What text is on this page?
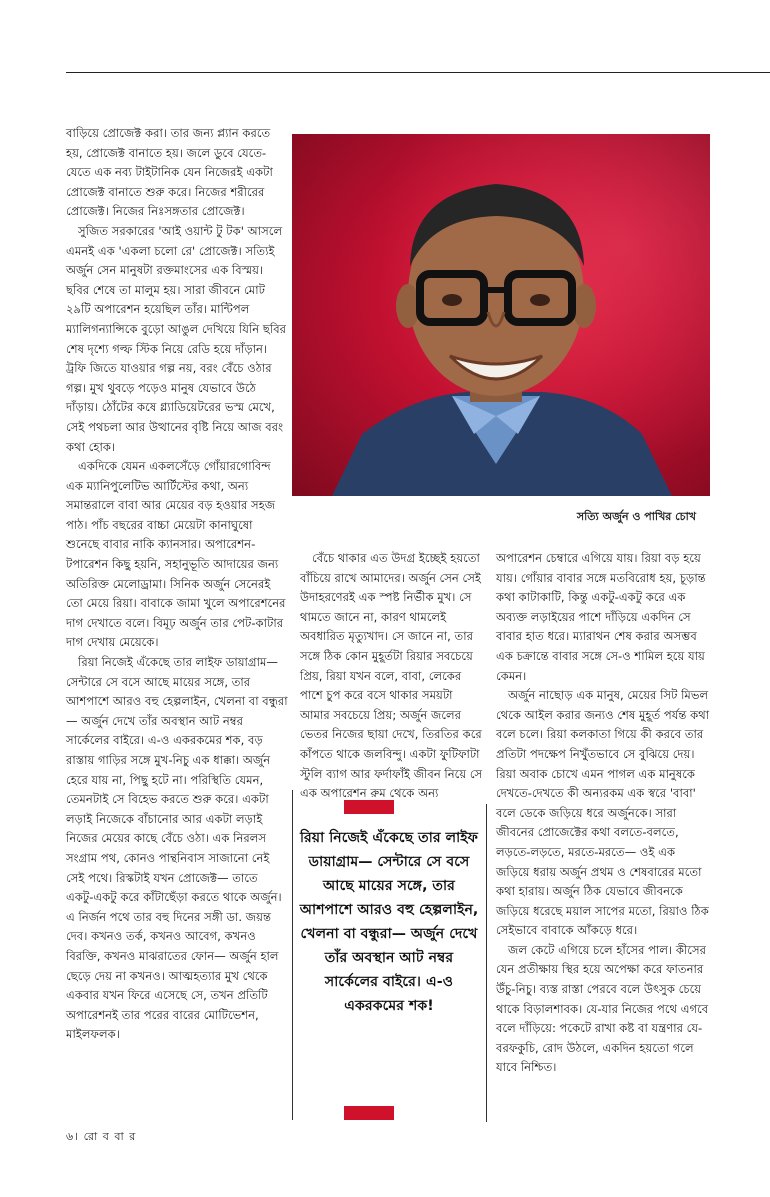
বাড়িয়ে প্রোজেক্ট করা। তার জন্য প্ল্যান করতে হয়, প্রোজেক্ট বানাতে হয়। জলে ডুবে যেতে-যেতে এক নব্য টাইটানিক যেন নিজেরই একটা প্রোজেক্ট বানাতে শুরু করে। নিজের শরীরের প্রোজেক্ট। নিজের নিঃসঙ্গতার প্রোজেক্ট।

সুজিত সরকারের 'আই ওয়ান্ট টু টক' আসলে এমনই এক 'একলা চলো রে' প্রোজেক্ট। সত্যিই অর্জুন সেন মানুষটা রক্তমাংসের এক বিস্ময়। ছবির শেষে তা মালুম হয়। সারা জীবনে মোট ২৯টি অপারেশন হয়েছিল তাঁর। মান্টিপল ম্যালিগন্যান্সিকে বুড়ো আঙুল দেখিয়ে যিনি ছবির শেষ দৃশ্যে গল্ফ স্টিক নিয়ে রেডি হয়ে দাঁড়ান। ট্রফি জিতে যাওয়ার গল্প নয়, বরং বেঁচে ওঠার গল্প। মুখ থুবড়ে পড়েও মানুষ যেভাবে উঠে দাঁড়ায়। ঠোঁটের কষে গ্ল্যাডিয়েটরের ভস্ম মেখে, সেই পথচলা আর উত্থানের বৃষ্টি নিয়ে আজ বরং কথা হোক।

একদিকে যেমন একলসেঁড়ে গোঁয়ারগোবিন্দ এক ম্যানিপুলেটিভ আর্টিস্টের কথা, অন্য সমান্তরালে বাবা আর মেয়ের বড় হওয়ার সহজ পাঠ। পাঁচ বছরের বাচ্চা মেয়েটা কানাঘুষো শুনেছে বাবার নাকি ক্যানসার। অপারেশন-টপারেশন কিছু হয়নি, সহানুভূতি আদায়ের জন্য অতিরিক্ত মেলোড্রামা। সিনিক অর্জুন সেনেরই তো মেয়ে রিয়া। বাবাকে জামা খুলে অপারেশনের দাগ দেখাতে বলে। বিমূঢ় অর্জুন তার পেট-কাটার দাগ দেখায় মেয়েকে।

রিয়া নিজেই এঁকেছে তার লাইফ ডায়াগ্রাম— সেন্টারে সে বসে আছে মায়ের সঙ্গে, তার আশপাশে আরও বহু হেল্পলাইন, খেলনা বা বন্ধুরা— অর্জুন দেখে তাঁর অবস্থান আট নম্বর সার্কেলের বাইরে। এ-ও একরকমের শক, বড় রাস্তায় গাড়ির সঙ্গে মুখ-নিচু এক ধাক্কা। অর্জুন হেরে যায় না, পিছু হটে না। পরিস্থিতি যেমন, তেমনটাই সে বিহেভ করতে শুরু করে। একটা লড়াই নিজেকে বাঁচানোর আর একটা লড়াই নিজের মেয়ের কাছে বেঁচে ওঠা। এক নিরলস সংগ্রাম পথ, কোনও পান্থনিবাস সাজানো নেই সেই পথে। রিস্কটাই যখন প্রোজেক্ট— তাতে একটু-একটু করে কাঁটাছেঁড়া করতে থাকে অর্জুন। এ নির্জন পথে তার বহু দিনের সঙ্গী ডা. জয়ন্ত দেব। কখনও তর্ক, কখনও আবেগ, কখনও বিরক্তি, কখনও মাঝরাতের ফোন— অর্জুন হাল ছেড়ে দেয় না কখনও। আত্মহত্যার মুখ থেকে একবার যখন ফিরে এসেছে সে, তখন প্রতিটি অপারেশনই তার পরের বারের মোটিভেশন, মাইলফলক।

সত্যি অর্জুন ও পাখির চোখ

বেঁচে থাকার এত উদগ্র ইচ্ছেই হয়তো বাঁচিয়ে রাখে আমাদের। অর্জুন সেন সেই উদাহরণেরই এক স্পষ্ট নির্ভীক মুখ। সে থামতে জানে না, কারণ থামলেই অবধারিত মৃত্যুখাদ। সে জানে না, তার সঙ্গে ঠিক কোন মুহূর্তটা রিয়ার সবচেয়ে প্রিয়, রিয়া যখন বলে, বাবা, লেকের পাশে চুপ করে বসে থাকার সময়টা আমার সবচেয়ে প্রিয়; অর্জুন জলের ভেতর নিজের ছায়া দেখে, তিরতির করে কাঁপতে থাকে জলবিন্দু। একটা ফুটিফাটা স্টুলি ব্যাগ আর ফর্দাফাঁই জীবন নিয়ে সে এক অপারেশন রুম থেকে অন্য

রিয়া নিজেই এঁকেছে তার লাইফ ডায়াগ্রাম— সেন্টারে সে বসে আছে মায়ের সঙ্গে, তার আশপাশে আরও বহু হেল্পলাইন, খেলনা বা বন্ধুরা— অর্জুন দেখে তাঁর অবস্থান আট নম্বর সার্কেলের বাইরে। এ-ও একরকমের শক!

অপারেশন চেম্বারে এগিয়ে যায়। রিয়া বড় হয়ে যায়। গোঁয়ার বাবার সঙ্গে মতবিরোধ হয়, চূড়ান্ত কথা কাটাকাটি, কিন্তু একটু-একটু করে এক অব্যক্ত লড়াইয়ের পাশে দাঁড়িয়ে একদিন সে বাবার হাত ধরে। ম্যারাথন শেষ করার অসম্ভব এক চক্রান্তে বাবার সঙ্গে সে-ও শামিল হয়ে যায় কেমন।

অর্জুন নাছোড় এক মানুষ, মেয়ের সিট মিভল থেকে আইল করার জন্যও শেষ মুহূর্ত পর্যন্ত কথা বলে চলে। রিয়া কলকাতা গিয়ে কী করবে তার প্রতিটা পদক্ষেপ নিখুঁতভাবে সে বুঝিয়ে দেয়। রিয়া অবাক চোখে এমন পাগল এক মানুষকে দেখতে-দেখতে কী অন্যরকম এক স্বরে 'বাবা' বলে ডেকে জড়িয়ে ধরে অর্জুনকে। সারা জীবনের প্রোজেক্টের কথা বলতে-বলতে, লড়তে-লড়তে, মরতে-মরতে— ওই এক জড়িয়ে ধরায় অর্জুন প্রথম ও শেষবারের মতো কথা হারায়। অর্জুন ঠিক যেভাবে জীবনকে জড়িয়ে ধরেছে ময়াল সাপের মতো, রিয়াও ঠিক সেইভাবে বাবাকে আঁকড়ে ধরে।

জল কেটে এগিয়ে চলে হাঁসের পাল। কীসের যেন প্রতীক্ষায় স্থির হয়ে অপেক্ষা করে ফাতনার উঁচু-নিচু। ব্যস্ত রাস্তা পেরবে বলে উৎসুক চেয়ে থাকে বিড়ালশাবক। যে-যার নিজের পথে এগবে বলে দাঁড়িয়ে: পকেটে রাখা কষ্ট বা যন্ত্রণার যে-বরফকুচি, রোদ উঠলে, একদিন হয়তো গলে যাবে নিশ্চিত।

৬। রো ব বা র
